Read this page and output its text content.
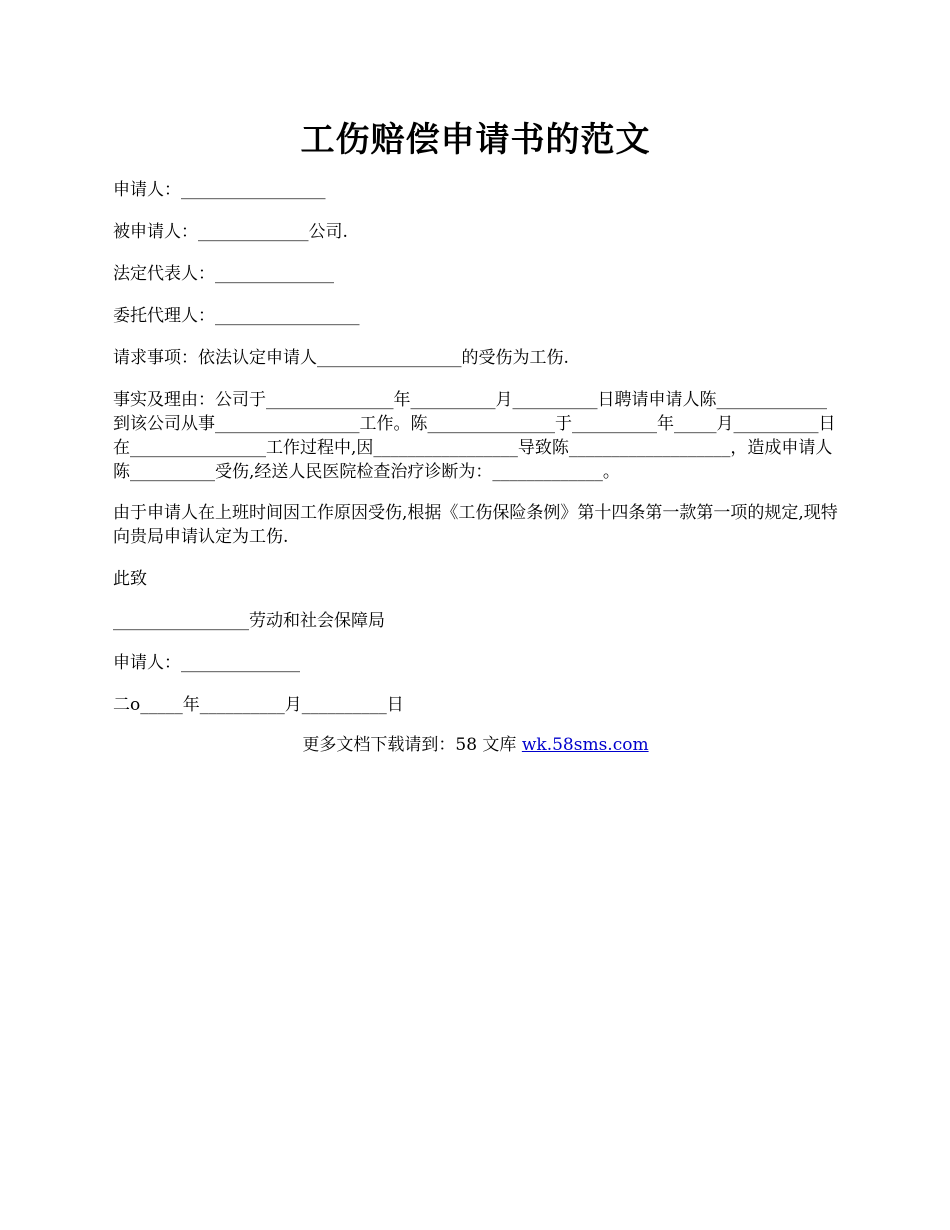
工伤赔偿申请书的范文

申请人：_________________

被申请人：_____________公司.

法定代表人：______________

委托代理人：_________________

请求事项：依法认定申请人_________________的受伤为工伤.

事实及理由：公司于_______________年__________月__________日聘请申请人陈_____________到该公司从事_________________工作。陈_______________于__________年_____月__________日在________________工作过程中,因_________________导致陈___________________，造成申请人陈__________受伤,经送人民医院检查治疗诊断为：_____________。

由于申请人在上班时间因工作原因受伤,根据《工伤保险条例》第十四条第一款第一项的规定,现特向贵局申请认定为工伤.

此致

________________劳动和社会保障局

申请人：______________

二o_____年__________月__________日

更多文档下载请到：58 文库 wk.58sms.com
